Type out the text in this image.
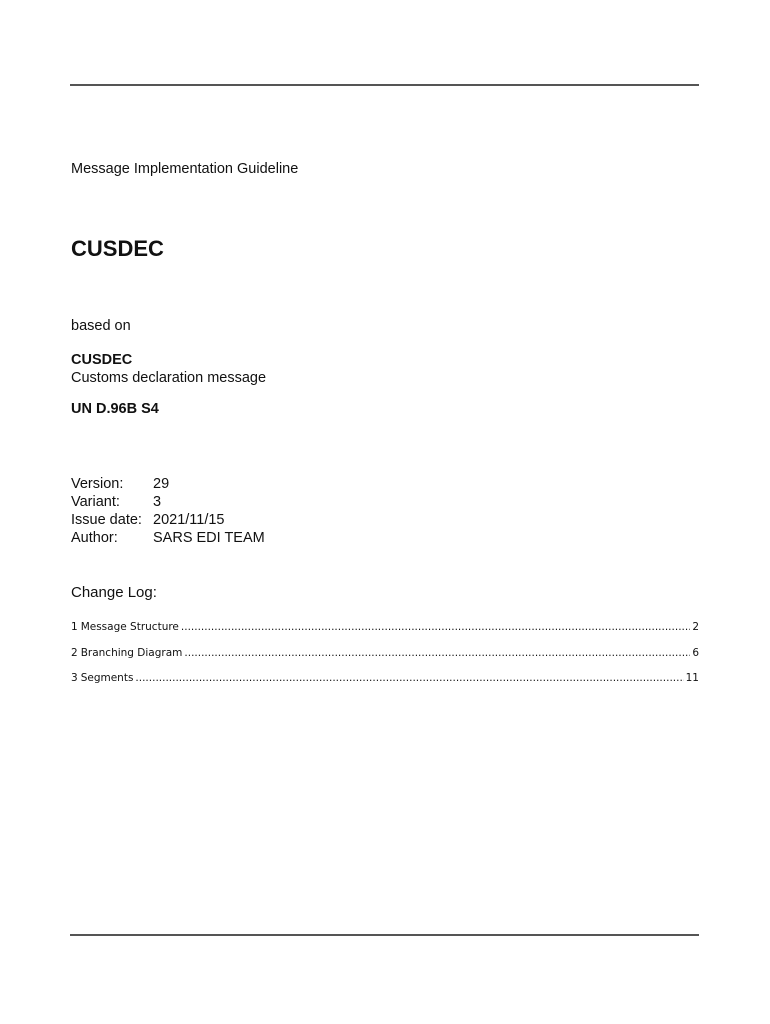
Message Implementation Guideline
CUSDEC
based on
CUSDEC
Customs declaration message
UN D.96B S4
Version:	29
Variant:	3
Issue date:	2021/11/15
Author:	SARS EDI TEAM
Change Log:
1 Message Structure .....	2
2 Branching Diagram .....	6
3 Segments .....	11
